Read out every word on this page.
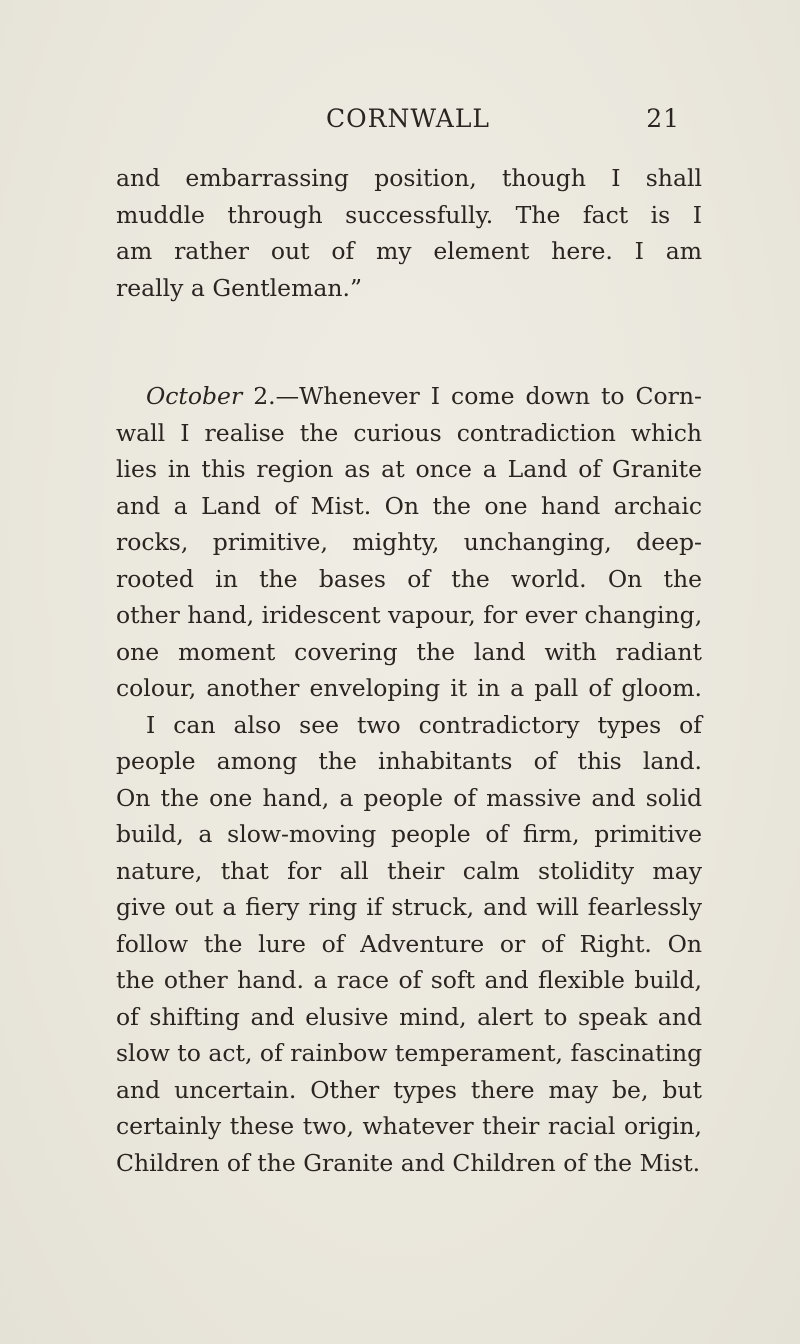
CORNWALL	21
and embarrassing position, though I shall
muddle through successfully. The fact is I
am rather out of my element here. I am
really a Gentleman.”
October 2.—Whenever I come down to Corn-
wall I realise the curious contradiction which
lies in this region as at once a Land of Granite
and a Land of Mist. On the one hand archaic
rocks, primitive, mighty, unchanging, deep-
rooted in the bases of the world. On the
other hand, iridescent vapour, for ever changing,
one moment covering the land with radiant
colour, another enveloping it in a pall of gloom.
I can also see two contradictory types of
people among the inhabitants of this land.
On the one hand, a people of massive and solid
build, a slow-moving people of firm, primitive
nature, that for all their calm stolidity may
give out a fiery ring if struck, and will fearlessly
follow the lure of Adventure or of Right. On
the other hand. a race of soft and flexible build,
of shifting and elusive mind, alert to speak and
slow to act, of rainbow temperament, fascinating
and uncertain. Other types there may be, but
certainly these two, whatever their racial origin,
Children of the Granite and Children of the Mist.
